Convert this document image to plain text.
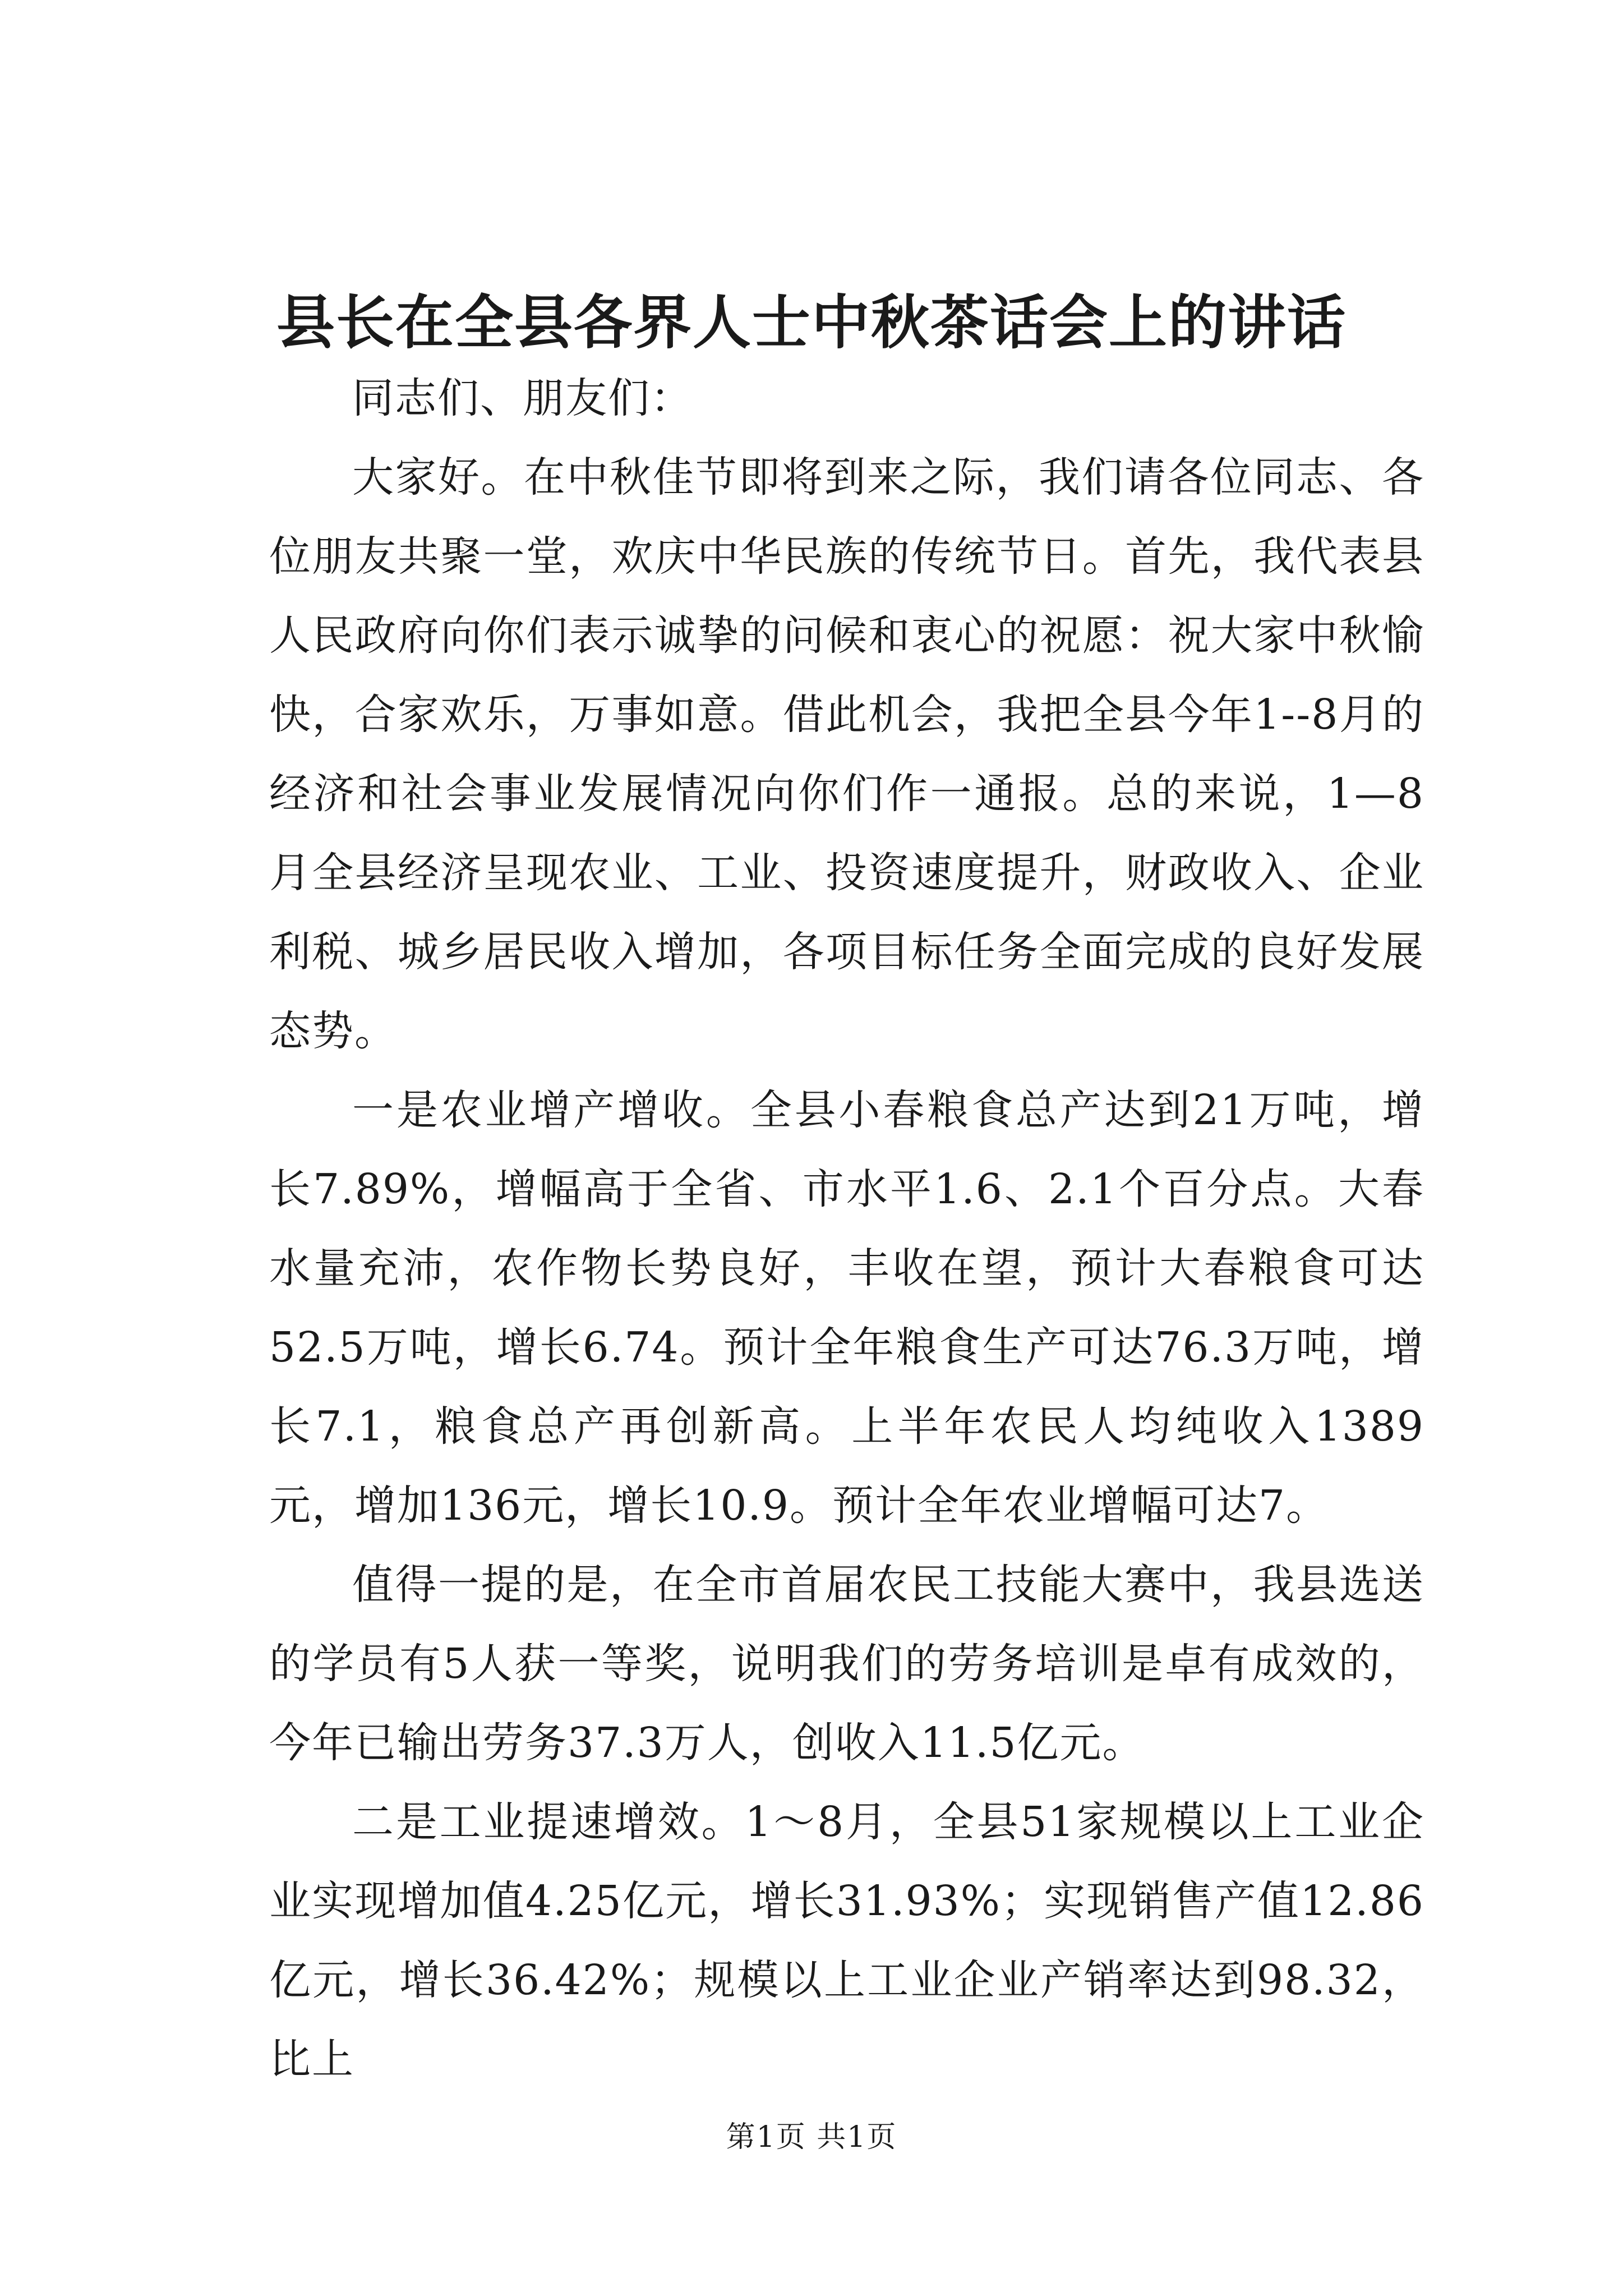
县长在全县各界人士中秋茶话会上的讲话

同志们、朋友们：

大家好。在中秋佳节即将到来之际，我们请各位同志、各位朋友共聚一堂，欢庆中华民族的传统节日。首先，我代表县人民政府向你们表示诚挚的问候和衷心的祝愿：祝大家中秋愉快，合家欢乐，万事如意。借此机会，我把全县今年1--8月的经济和社会事业发展情况向你们作一通报。总的来说，1—8月全县经济呈现农业、工业、投资速度提升，财政收入、企业利税、城乡居民收入增加，各项目标任务全面完成的良好发展态势。

一是农业增产增收。全县小春粮食总产达到21万吨，增长7.89%，增幅高于全省、市水平1.6、2.1个百分点。大春水量充沛，农作物长势良好，丰收在望，预计大春粮食可达52.5万吨，增长6.74。预计全年粮食生产可达76.3万吨，增长7.1，粮食总产再创新高。上半年农民人均纯收入1389元，增加136元，增长10.9。预计全年农业增幅可达7。

值得一提的是，在全市首届农民工技能大赛中，我县选送的学员有5人获一等奖，说明我们的劳务培训是卓有成效的，今年已输出劳务37.3万人，创收入11.5亿元。

二是工业提速增效。1～8月，全县51家规模以上工业企业实现增加值4.25亿元，增长31.93%；实现销售产值12.86亿元，增长36.42%；规模以上工业企业产销率达到98.32，比上

第1页 共1页
